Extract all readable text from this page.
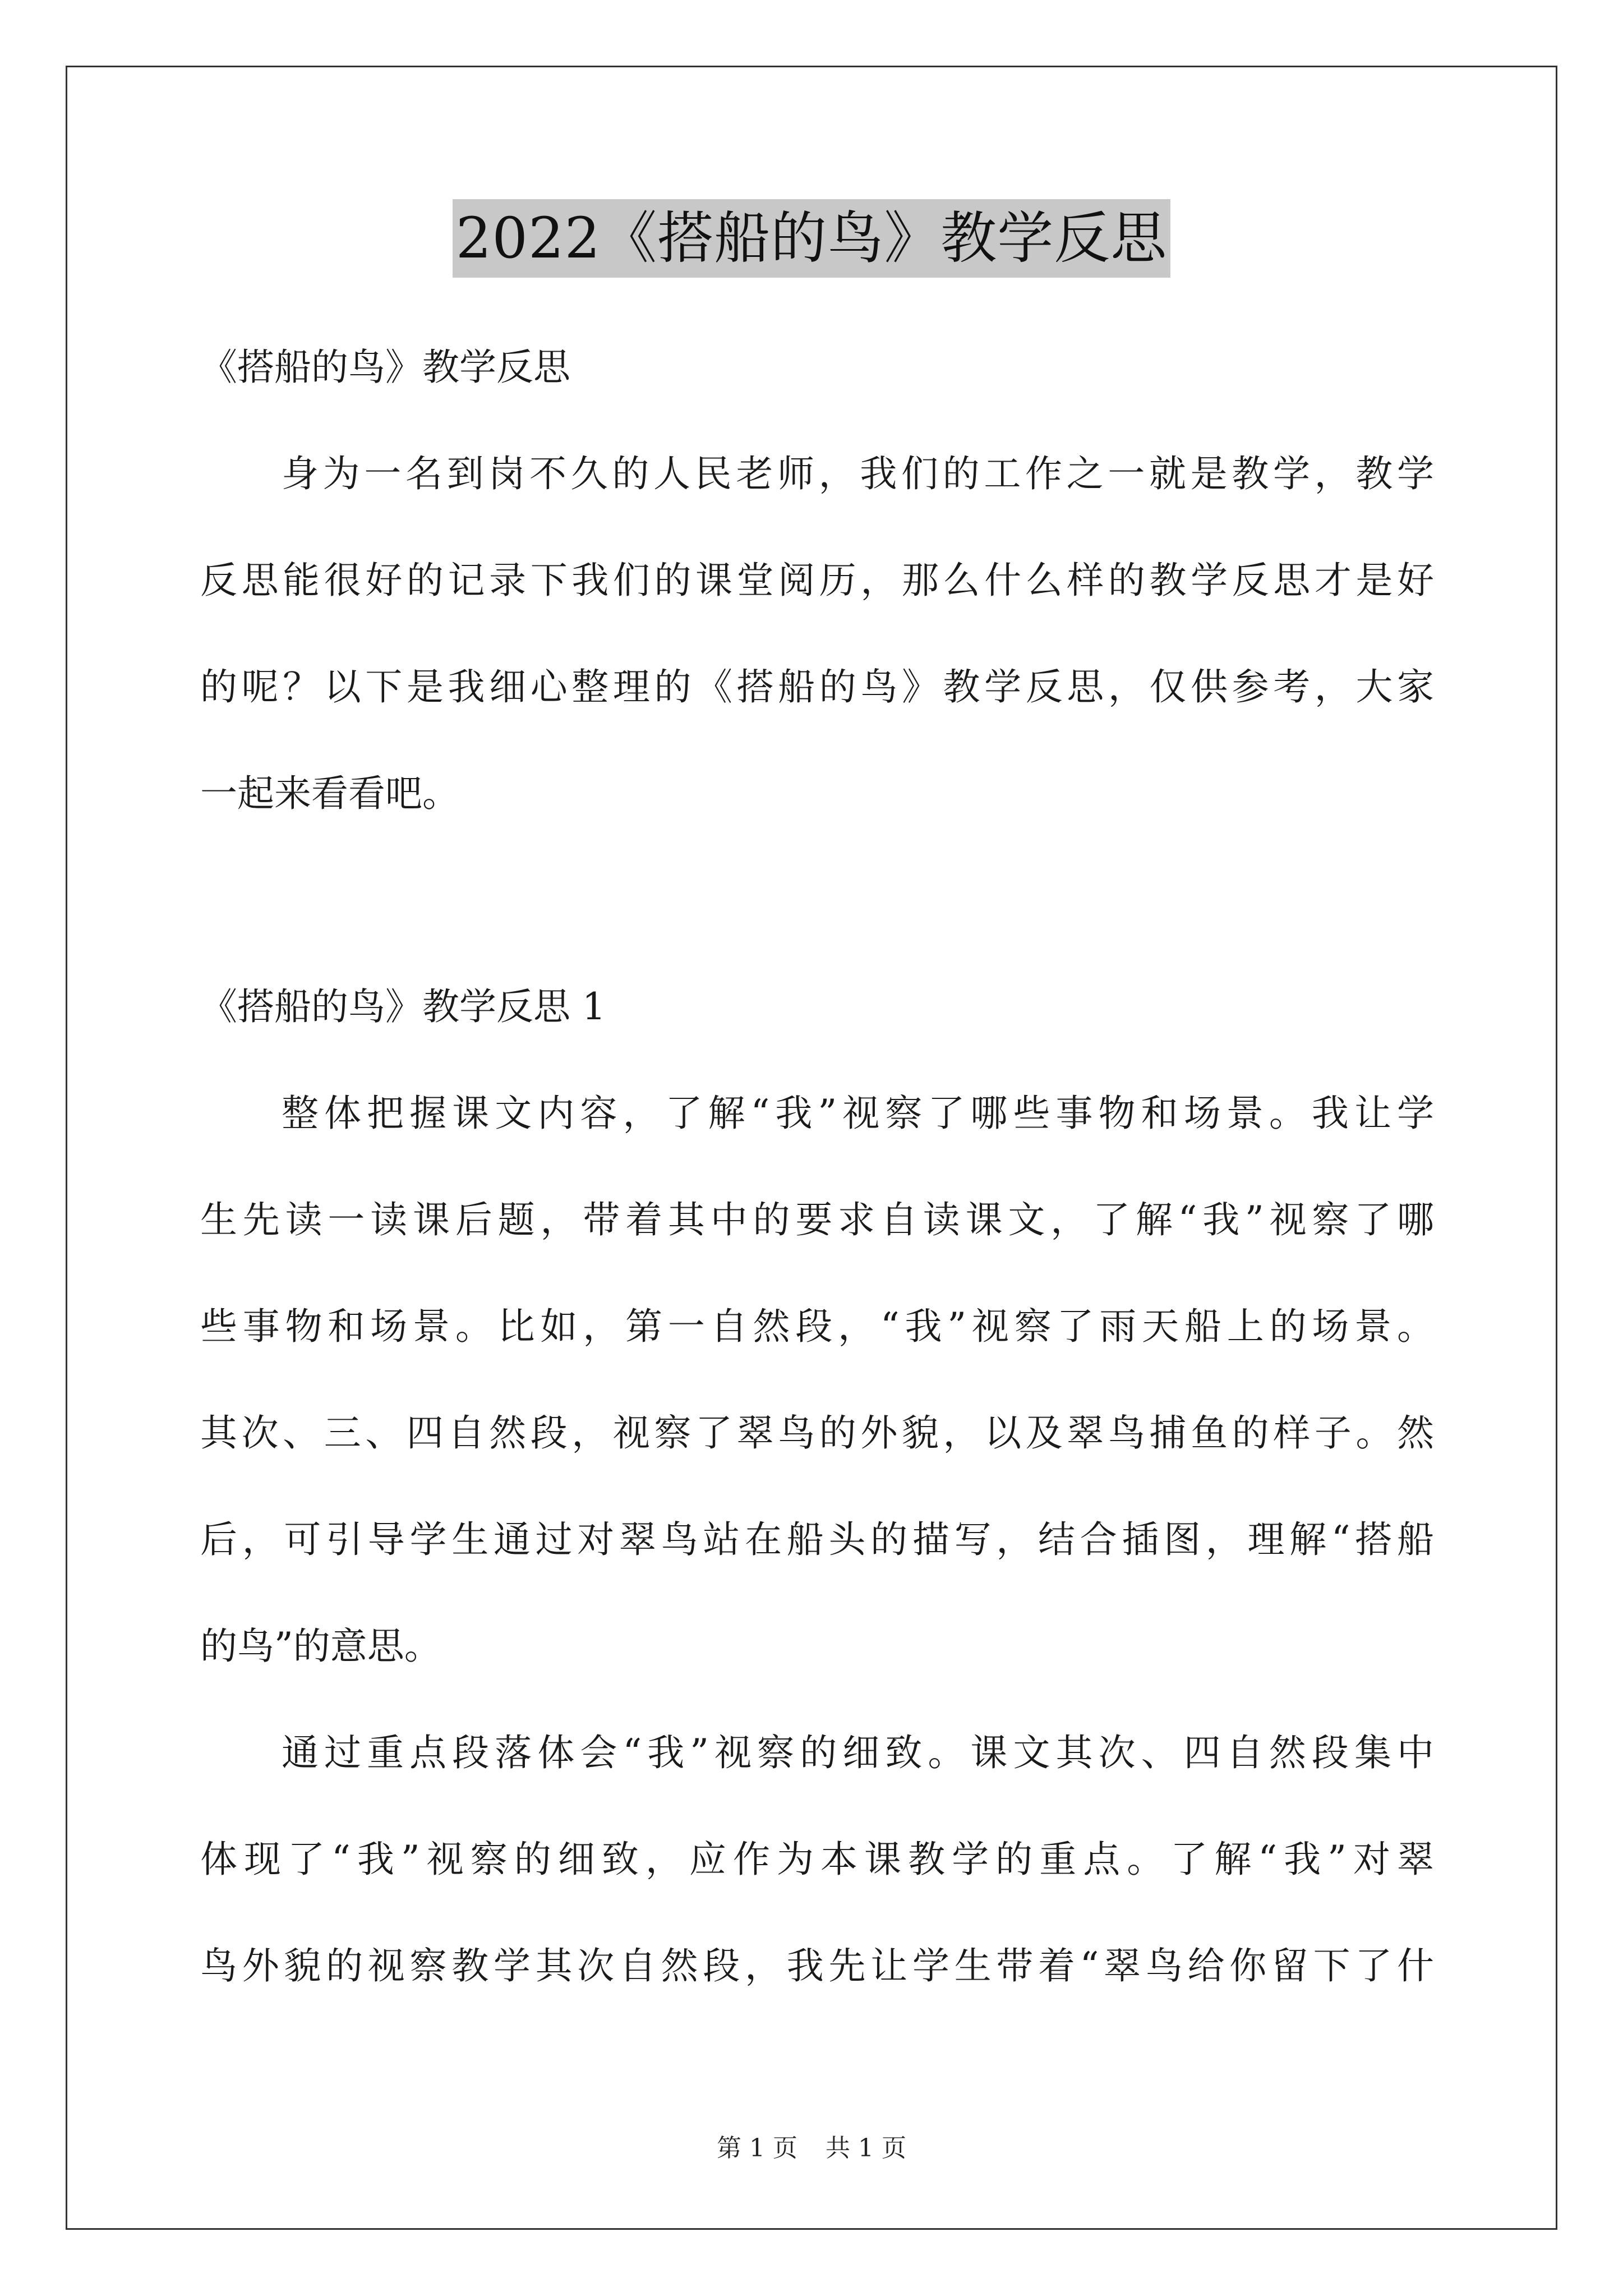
2022《搭船的鸟》教学反思
《搭船的鸟》教学反思
身为一名到岗不久的人民老师，我们的工作之一就是教学，教学
反思能很好的记录下我们的课堂阅历，那么什么样的教学反思才是好
的呢？以下是我细心整理的《搭船的鸟》教学反思，仅供参考，大家
一起来看看吧。
《搭船的鸟》教学反思 1
整体把握课文内容，了解“我”视察了哪些事物和场景。我让学
生先读一读课后题，带着其中的要求自读课文，了解“我”视察了哪
些事物和场景。比如，第一自然段，“我”视察了雨天船上的场景。
其次、三、四自然段，视察了翠鸟的外貌，以及翠鸟捕鱼的样子。然
后，可引导学生通过对翠鸟站在船头的描写，结合插图，理解“搭船
的鸟”的意思。
通过重点段落体会“我”视察的细致。课文其次、四自然段集中
体现了“我”视察的细致，应作为本课教学的重点。了解“我”对翠
鸟外貌的视察教学其次自然段，我先让学生带着“翠鸟给你留下了什
第 1 页 共 1 页
